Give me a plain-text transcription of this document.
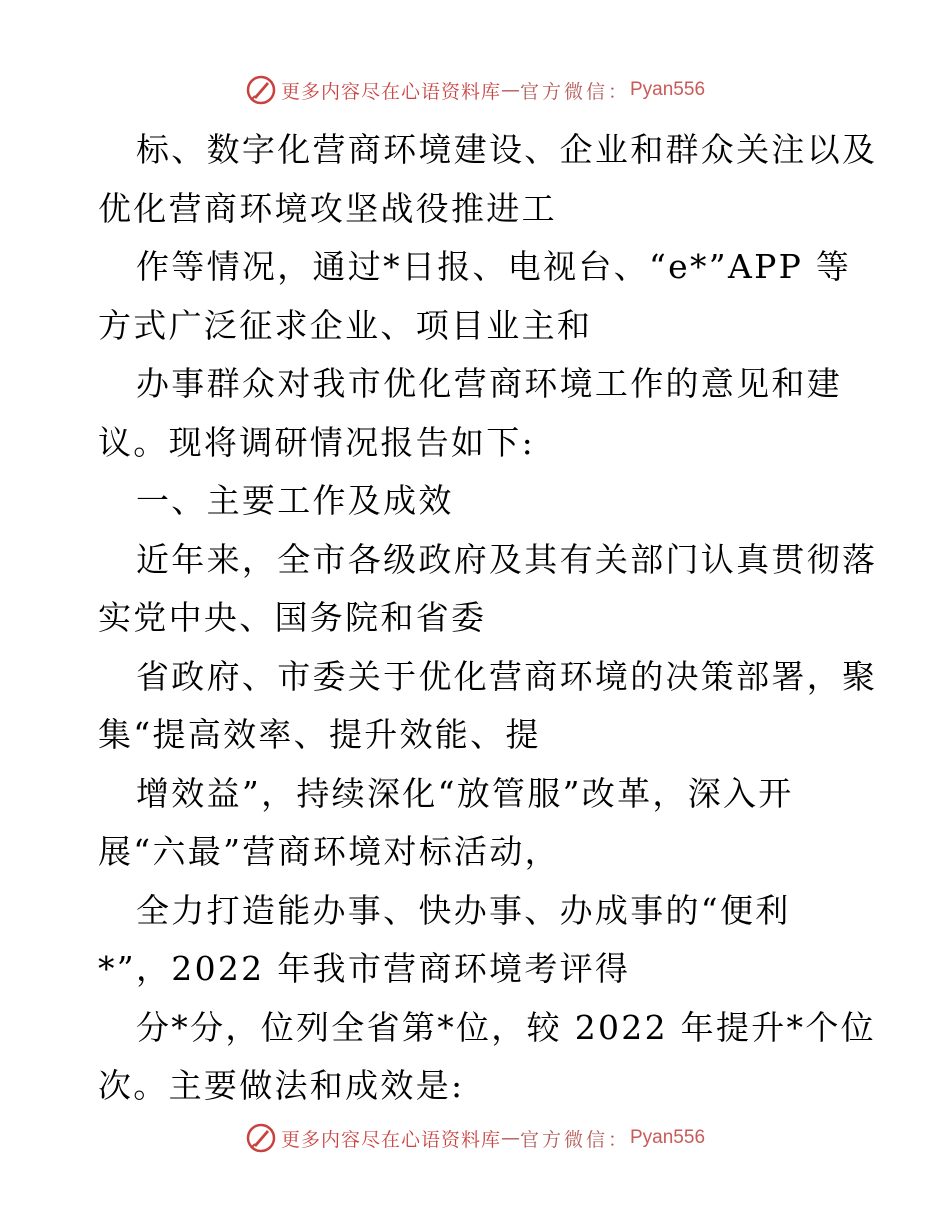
更多内容尽在心语资料库 — 官方微信： Pyan556
标、数字化营商环境建设、企业和群众关注以及
优化营商环境攻坚战役推进工
作等情况，通过*日报、电视台、“e*”APP 等
方式广泛征求企业、项目业主和
办事群众对我市优化营商环境工作的意见和建
议。现将调研情况报告如下:
一、主要工作及成效
近年来，全市各级政府及其有关部门认真贯彻落
实党中央、国务院和省委
省政府、市委关于优化营商环境的决策部署，聚
集“提高效率、提升效能、提
增效益”，持续深化“放管服”改革，深入开
展“六最”营商环境对标活动，
全力打造能办事、快办事、办成事的“便利
*”，2022 年我市营商环境考评得
分*分，位列全省第*位，较 2022 年提升*个位
次。主要做法和成效是:
更多内容尽在心语资料库 — 官方微信： Pyan556
